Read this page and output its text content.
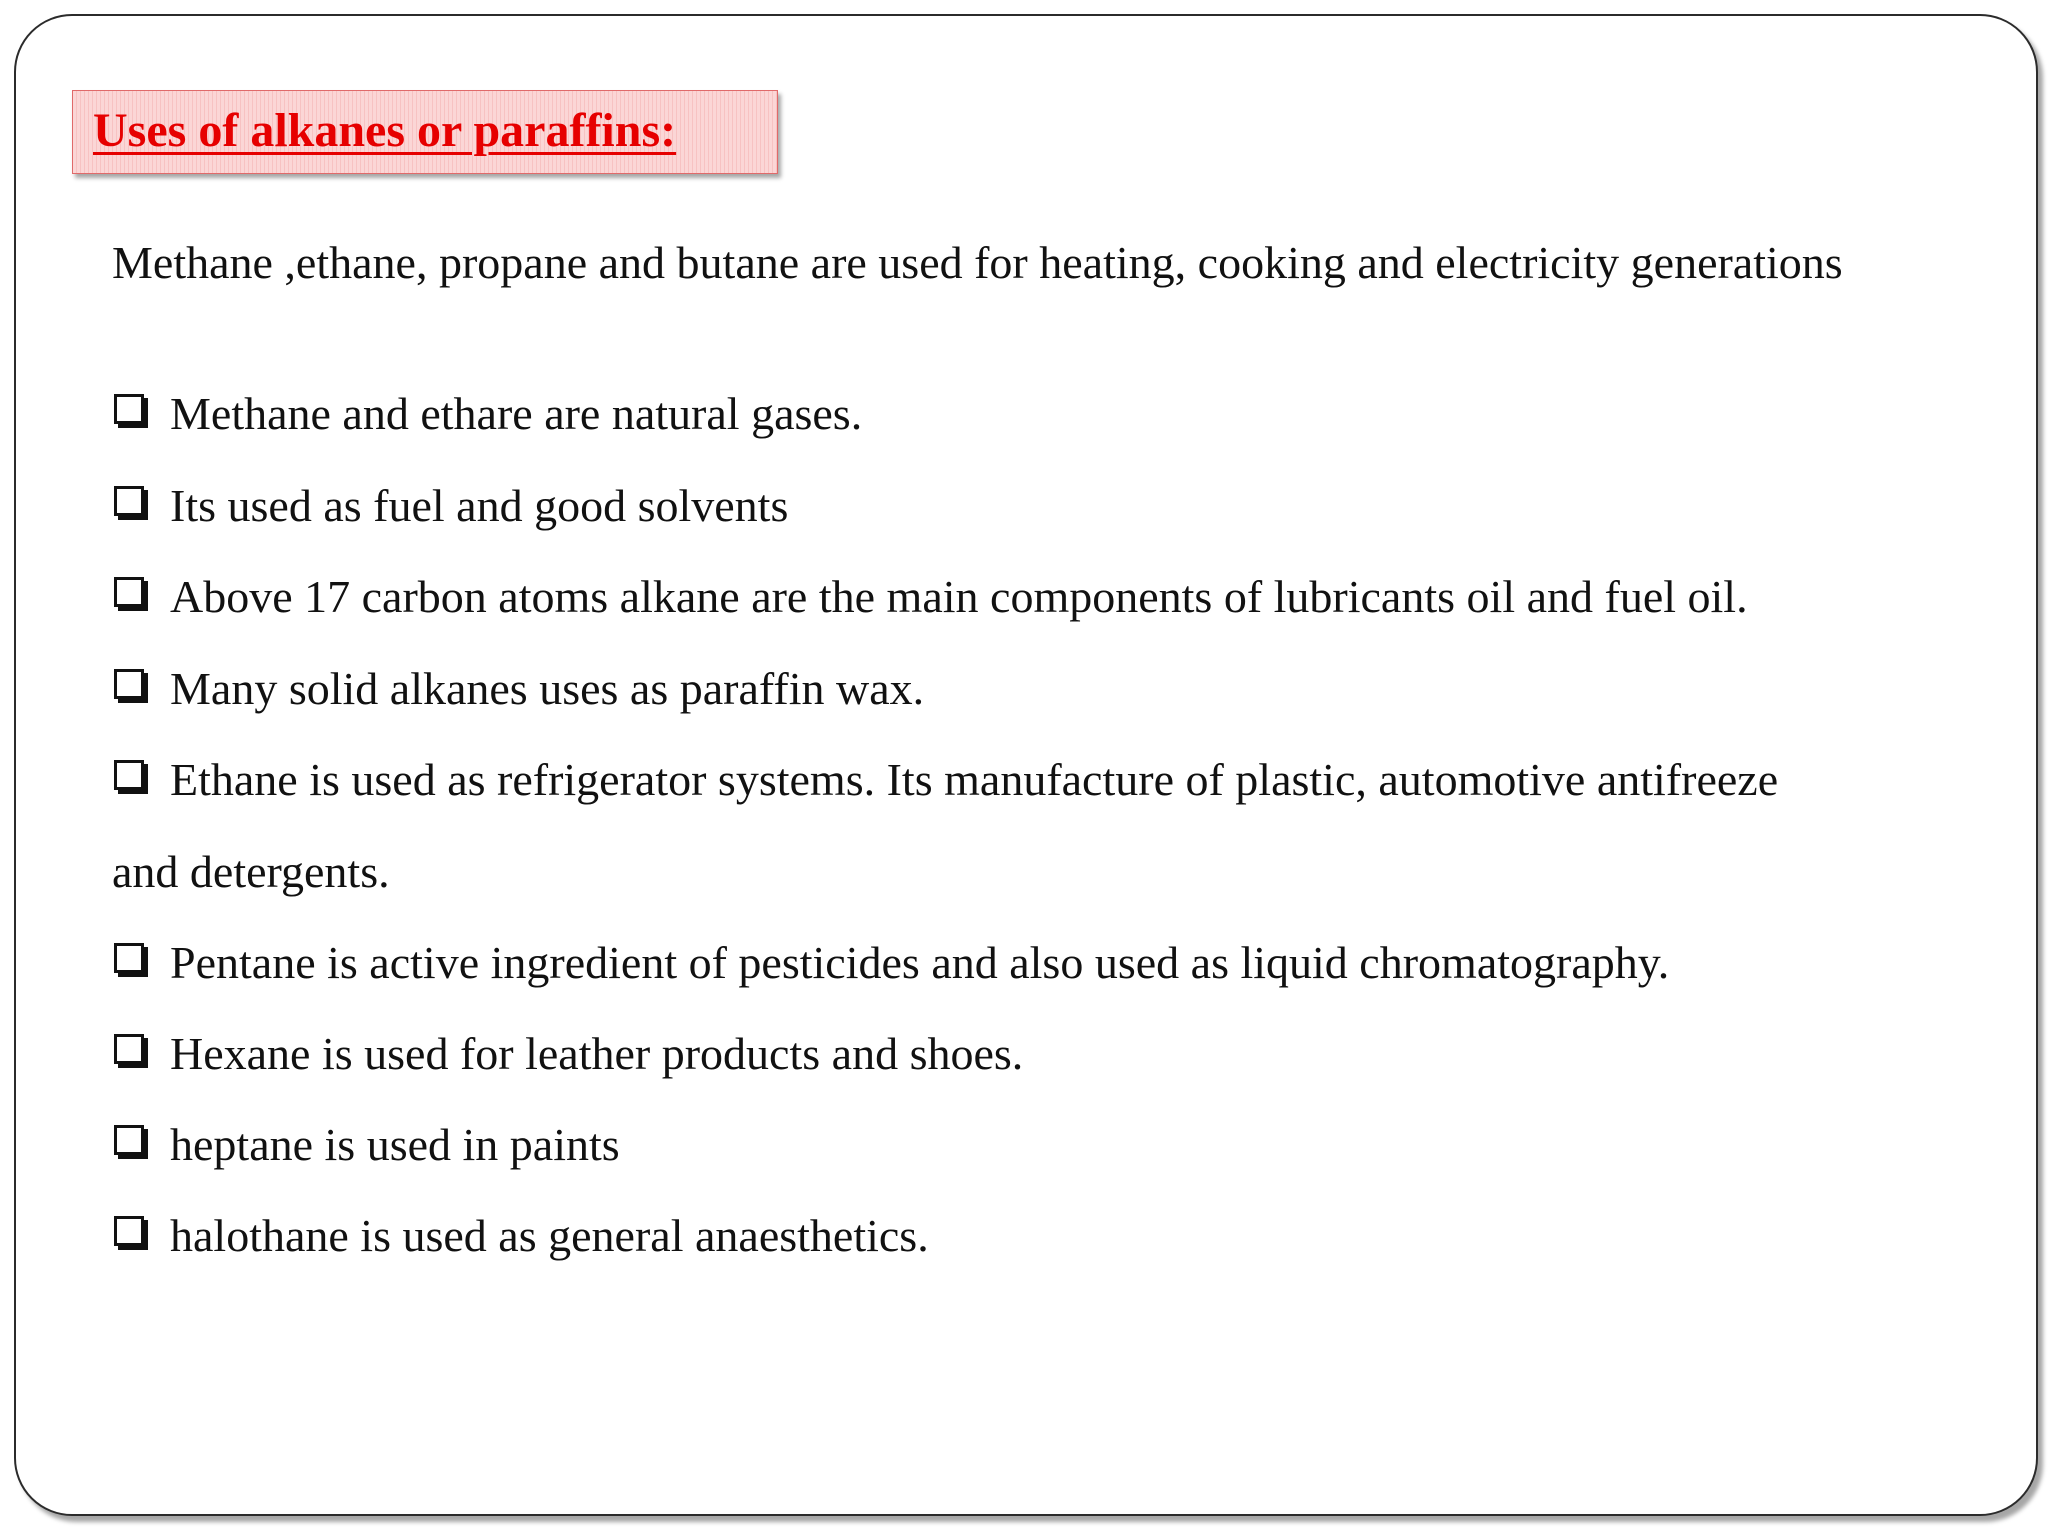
Uses of alkanes or paraffins:
Methane ,ethane, propane and butane are used for heating, cooking and electricity generations
Methane and ethare are natural gases.
Its used as fuel and good solvents
Above 17 carbon atoms alkane are the main components of lubricants oil and fuel oil.
Many solid alkanes uses as paraffin wax.
Ethane is used as refrigerator systems. Its manufacture of plastic, automotive antifreeze
and detergents.
Pentane is active ingredient of pesticides and also used as liquid chromatography.
Hexane is used for leather products and shoes.
heptane is used in paints
halothane is used as general anaesthetics.
